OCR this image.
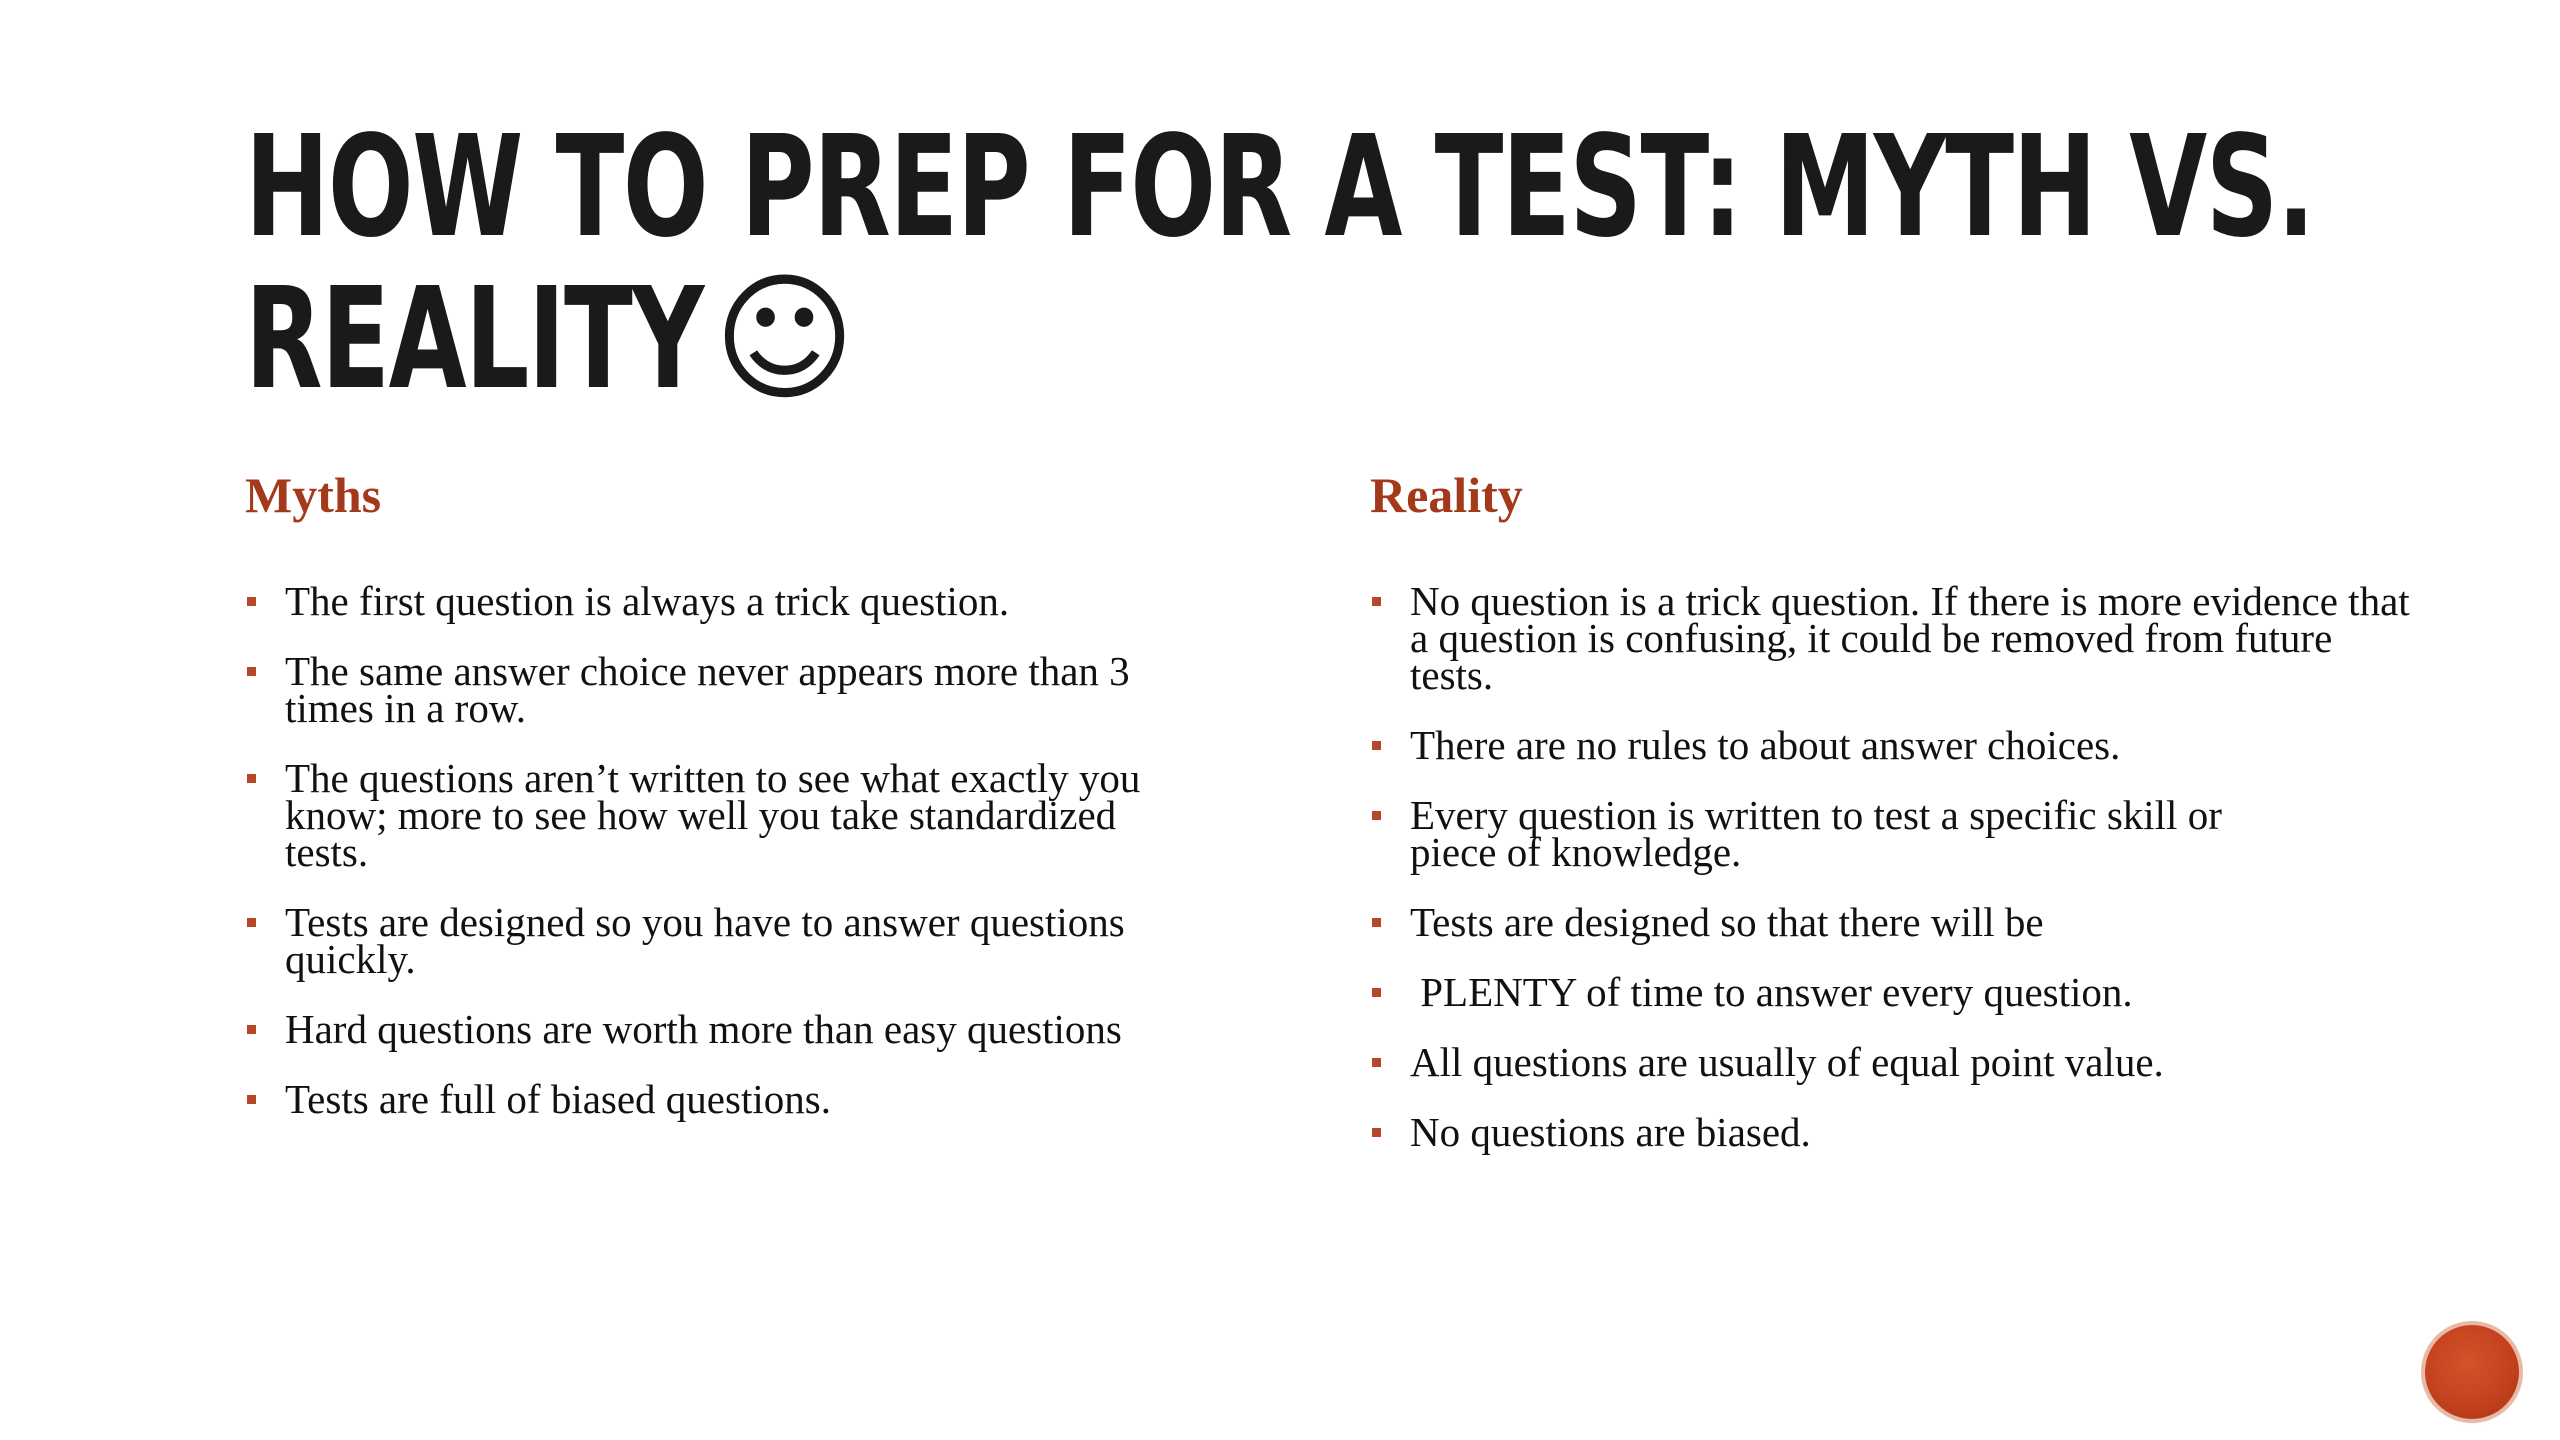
HOW TO PREP FOR A TEST: MYTH VS.
REALITY☺
Myths
The first question is always a trick question.
The same answer choice never appears more than 3 times in a row.
The questions aren’t written to see what exactly you know; more to see how well you take standardized tests.
Tests are designed so you have to answer questions quickly.
Hard questions are worth more than easy questions
Tests are full of biased questions.
Reality
No question is a trick question. If there is more evidence that a question is confusing, it could be removed from future tests.
There are no rules to about answer choices.
Every question is written to test a specific skill or piece of knowledge.
Tests are designed so that there will be
PLENTY of time to answer every question.
All questions are usually of equal point value.
No questions are biased.
